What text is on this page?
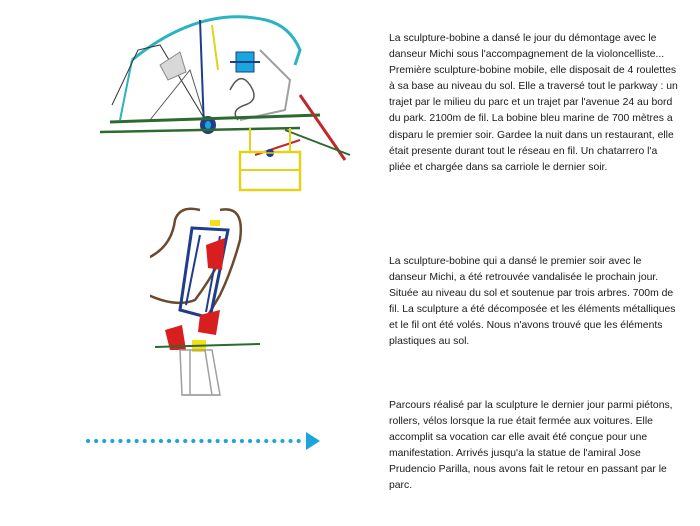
La sculpture-bobine a dansé le jour du démontage avec le danseur Michi sous l'accompagnement de la violoncelliste... Première sculpture-bobine mobile, elle disposait de 4 roulettes à sa base au niveau du sol. Elle a traversé tout le parkway : un trajet par le milieu du parc et un trajet par l'avenue 24 au bord du park. 2100m de fil. La bobine bleu marine de 700 mètres a disparu le premier soir. Gardee la nuit dans un restaurant, elle était presente durant tout le réseau en fil. Un chatarrero l'a pliée et chargée dans sa carriole le dernier soir.

La sculpture-bobine qui a dansé le premier soir avec le danseur Michi, a été retrouvée vandalisée le prochain jour. Située au niveau du sol et soutenue par trois arbres. 700m de fil. La sculpture a été décomposée et les éléments métalliques et le fil ont été volés. Nous n'avons trouvé que les éléments plastiques au sol.

Parcours réalisé par la sculpture le dernier jour parmi piétons, rollers, vélos lorsque la rue était fermée aux voitures. Elle accomplit sa vocation car elle avait été conçue pour une manifestation. Arrivés jusqu'a la statue de l'amiral Jose Prudencio Parilla, nous avons fait le retour en passant par le parc.
